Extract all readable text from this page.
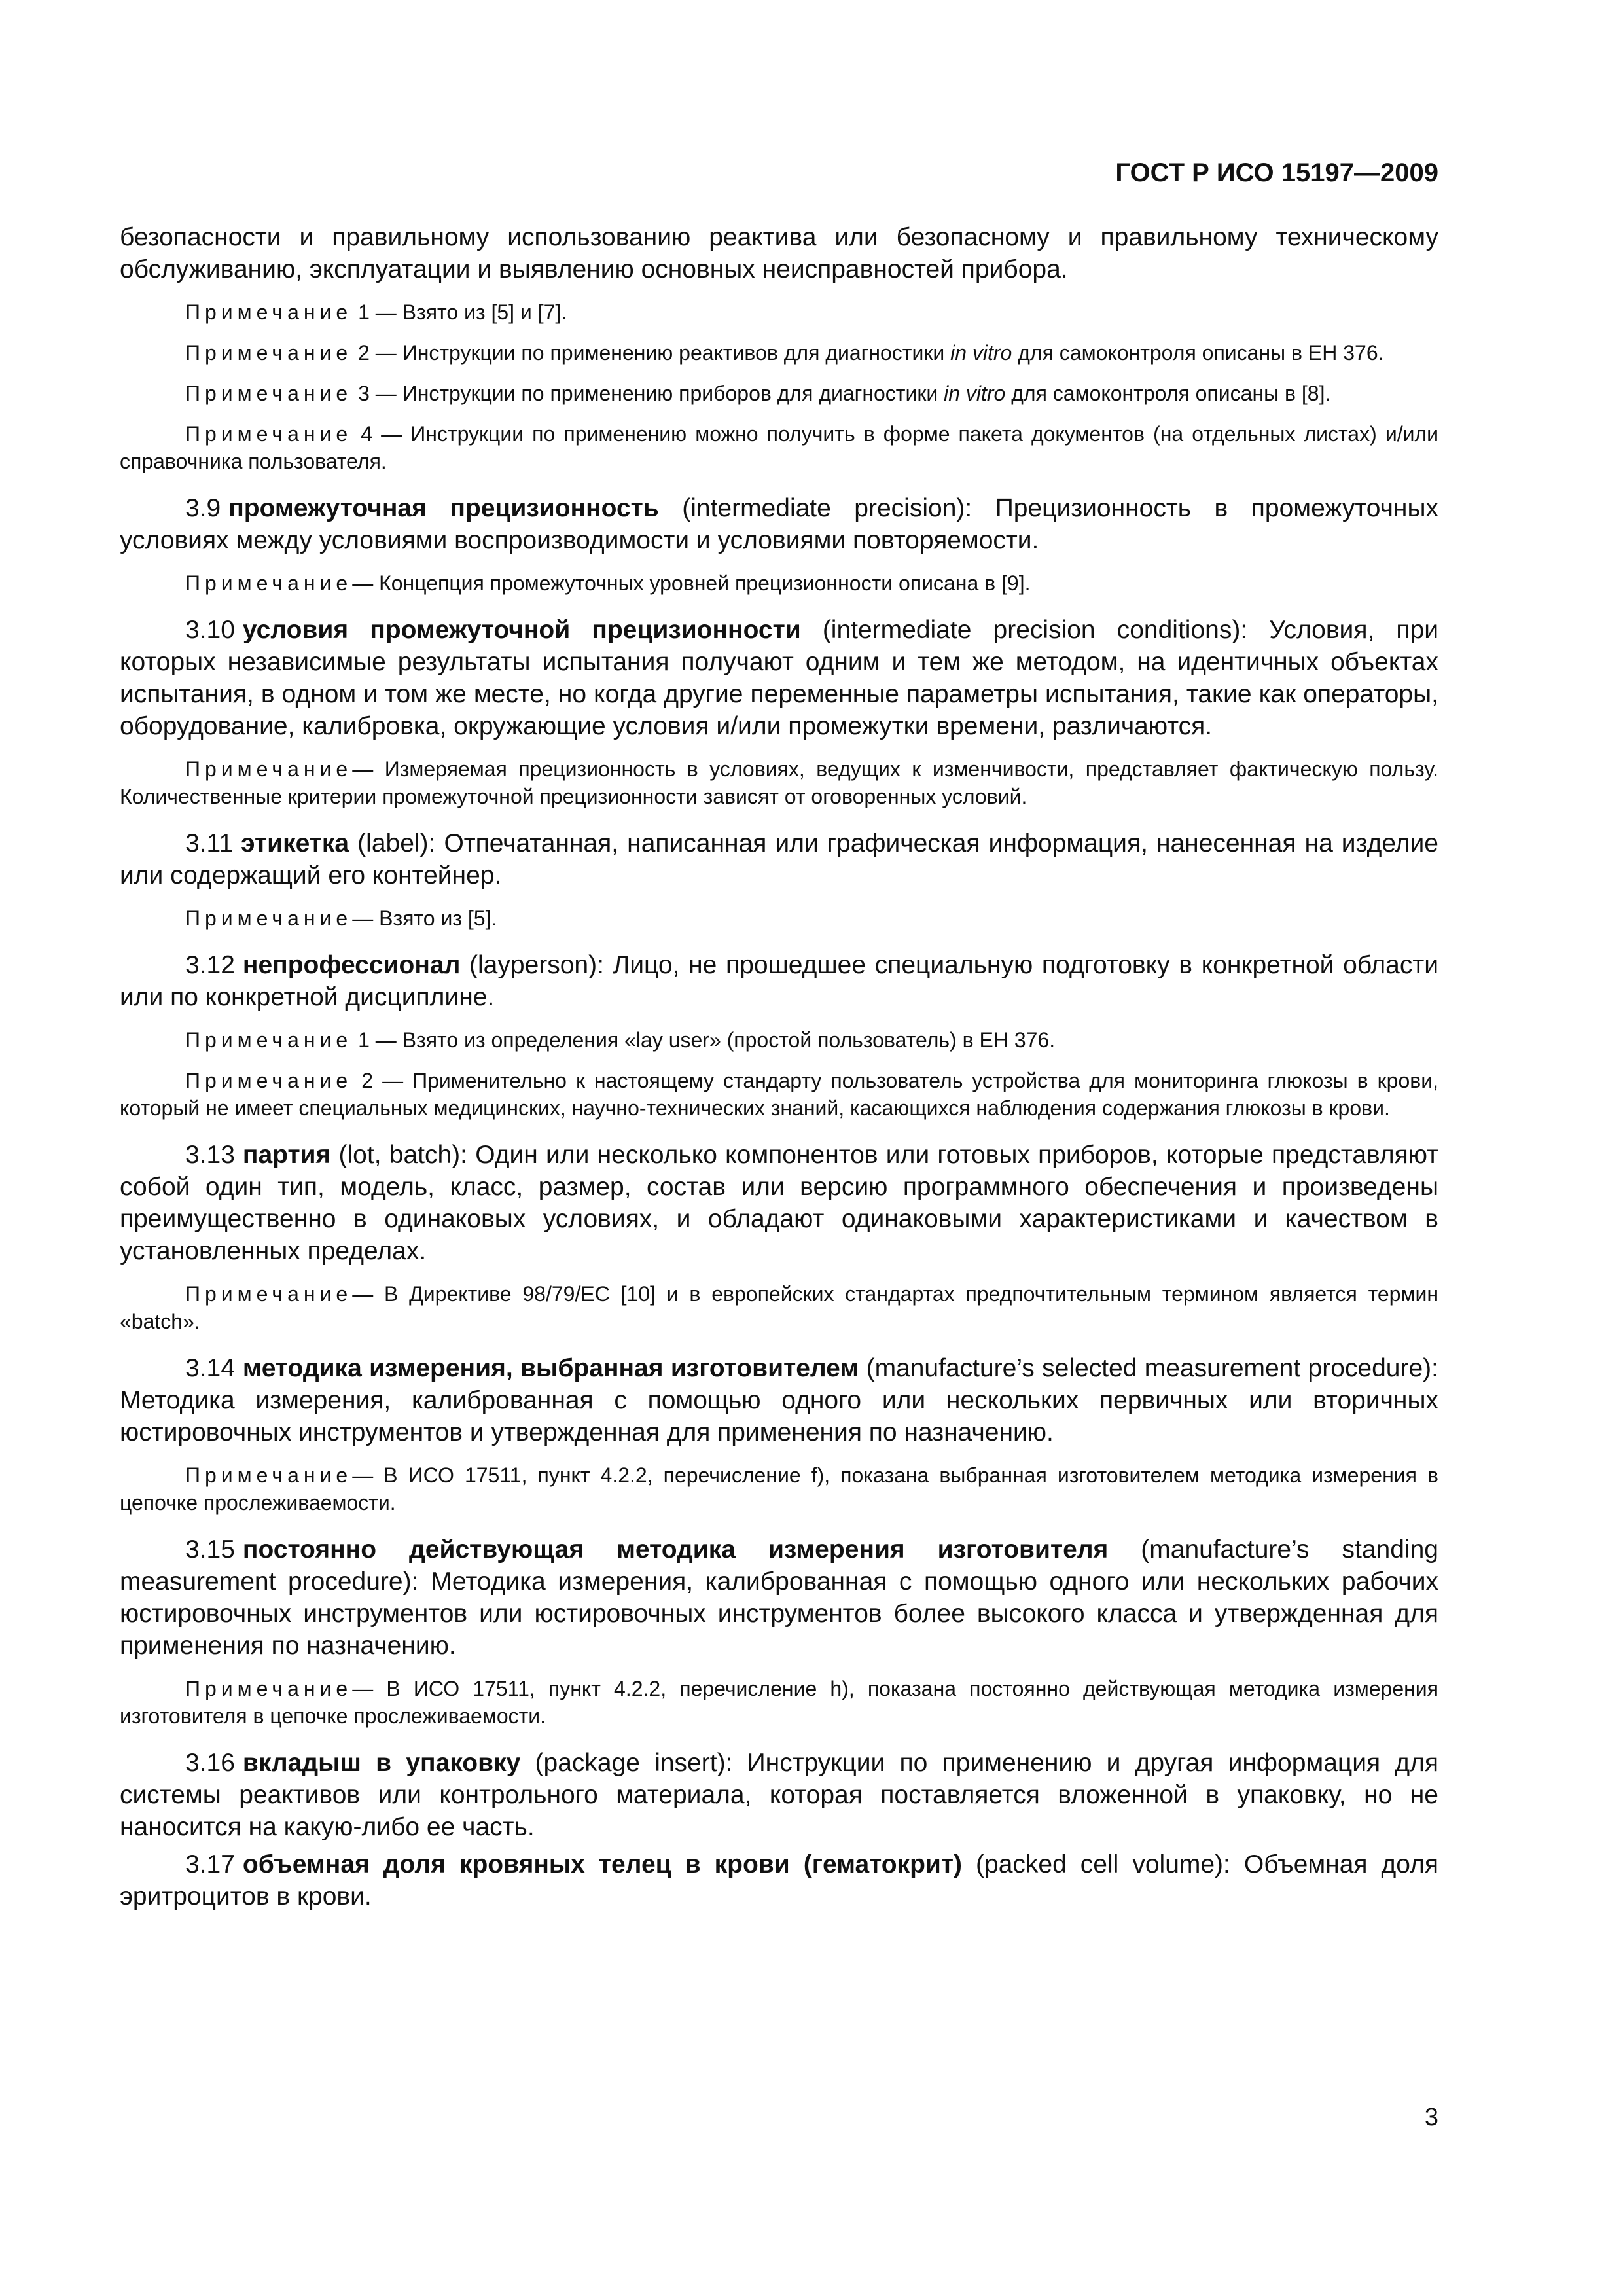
ГОСТ Р ИСО 15197—2009

безопасности и правильному использованию реактива или безопасному и правильному техническому обслуживанию, эксплуатации и выявлению основных неисправностей прибора.

Примечание 1 — Взято из [5] и [7].

Примечание 2 — Инструкции по применению реактивов для диагностики in vitro для самоконтроля описаны в ЕН 376.

Примечание 3 — Инструкции по применению приборов для диагностики in vitro для самоконтроля описаны в [8].

Примечание 4 — Инструкции по применению можно получить в форме пакета документов (на отдельных листах) и/или справочника пользователя.

3.9 промежуточная прецизионность (intermediate precision): Прецизионность в промежуточных условиях между условиями воспроизводимости и условиями повторяемости.

Примечание— Концепция промежуточных уровней прецизионности описана в [9].

3.10 условия промежуточной прецизионности (intermediate precision conditions): Условия, при которых независимые результаты испытания получают одним и тем же методом, на идентичных объектах испытания, в одном и том же месте, но когда другие переменные параметры испытания, такие как операторы, оборудование, калибровка, окружающие условия и/или промежутки времени, различаются.

Примечание— Измеряемая прецизионность в условиях, ведущих к изменчивости, представляет фактическую пользу. Количественные критерии промежуточной прецизионности зависят от оговоренных условий.

3.11 этикетка (label): Отпечатанная, написанная или графическая информация, нанесенная на изделие или содержащий его контейнер.

Примечание— Взято из [5].

3.12 непрофессионал (layperson): Лицо, не прошедшее специальную подготовку в конкретной области или по конкретной дисциплине.

Примечание 1 — Взято из определения «lay user» (простой пользователь) в ЕН 376.

Примечание 2 — Применительно к настоящему стандарту пользователь устройства для мониторинга глюкозы в крови, который не имеет специальных медицинских, научно-технических знаний, касающихся наблюдения содержания глюкозы в крови.

3.13 партия (lot, batch): Один или несколько компонентов или готовых приборов, которые представляют собой один тип, модель, класс, размер, состав или версию программного обеспечения и произведены преимущественно в одинаковых условиях, и обладают одинаковыми характеристиками и качеством в установленных пределах.

Примечание— В Директиве 98/79/ЕС [10] и в европейских стандартах предпочтительным термином является термин «batch».

3.14 методика измерения, выбранная изготовителем (manufacture’s selected measurement procedure): Методика измерения, калиброванная с помощью одного или нескольких первичных или вторичных юстировочных инструментов и утвержденная для применения по назначению.

Примечание— В ИСО 17511, пункт 4.2.2, перечисление f), показана выбранная изготовителем методика измерения в цепочке прослеживаемости.

3.15 постоянно действующая методика измерения изготовителя (manufacture’s standing measurement procedure): Методика измерения, калиброванная с помощью одного или нескольких рабочих юстировочных инструментов или юстировочных инструментов более высокого класса и утвержденная для применения по назначению.

Примечание— В ИСО 17511, пункт 4.2.2, перечисление h), показана постоянно действующая методика измерения изготовителя в цепочке прослеживаемости.

3.16 вкладыш в упаковку (package insert): Инструкции по применению и другая информация для системы реактивов или контрольного материала, которая поставляется вложенной в упаковку, но не наносится на какую-либо ее часть.

3.17 объемная доля кровяных телец в крови (гематокрит) (packed cell volume): Объемная доля эритроцитов в крови.

3
